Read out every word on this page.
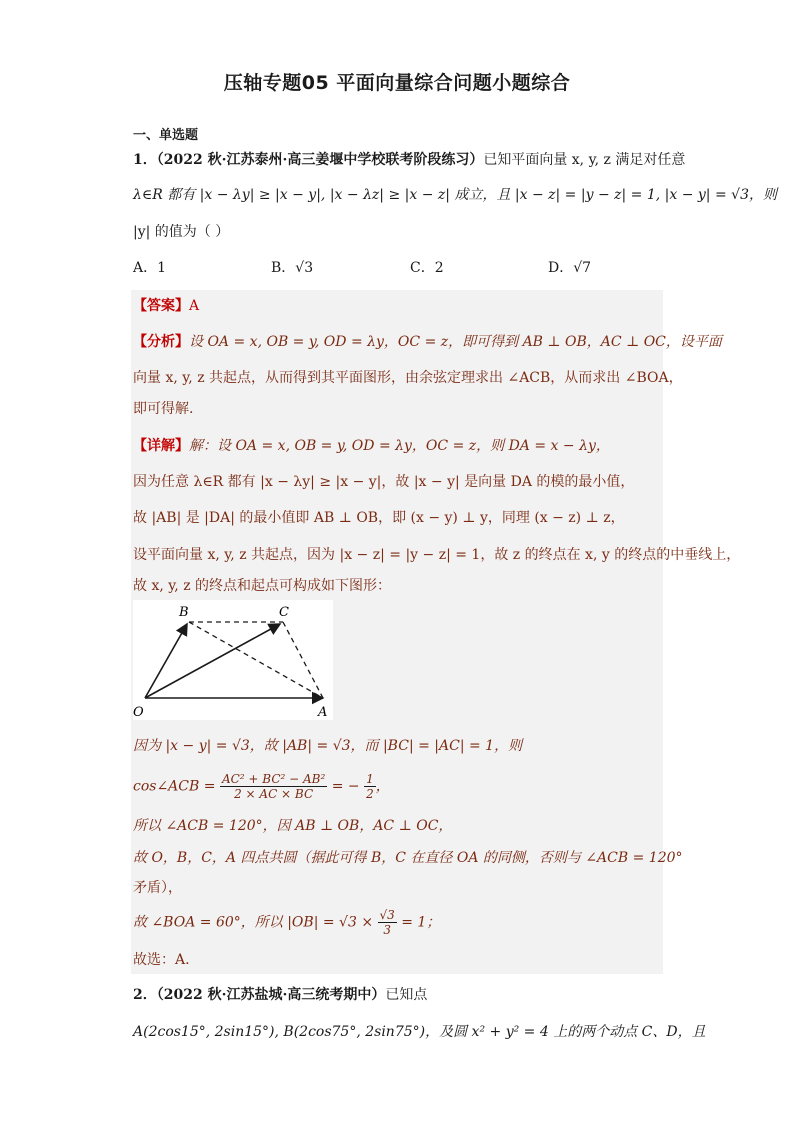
压轴专题05 平面向量综合问题小题综合
一、单选题
1．（2022 秋·江苏泰州·高三姜堰中学校联考阶段练习）已知平面向量 x, y, z 满足对任意
λ∈R 都有 |x − λy| ≥ |x − y|, |x − λz| ≥ |x − z| 成立，且 |x − z| = |y − z| = 1, |x − y| = √3，则
|y| 的值为（ ）
A．1	B．√3	C．2	D．√7
【答案】A
【分析】设 OA = x, OB = y, OD = λy，OC = z，即可得到 AB ⊥ OB，AC ⊥ OC，设平面
向量 x, y, z 共起点，从而得到其平面图形，由余弦定理求出 ∠ACB，从而求出 ∠BOA，
即可得解.
【详解】解：设 OA = x, OB = y, OD = λy，OC = z，则 DA = x − λy，
因为任意 λ∈R 都有 |x − λy| ≥ |x − y|，故 |x − y| 是向量 DA 的模的最小值，
故 |AB| 是 |DA| 的最小值即 AB ⊥ OB，即 (x − y) ⊥ y，同理 (x − z) ⊥ z，
设平面向量 x, y, z 共起点，因为 |x − z| = |y − z| = 1，故 z 的终点在 x, y 的终点的中垂线上，
故 x, y, z 的终点和起点可构成如下图形：
B	C
O	A
因为 |x − y| = √3，故 |AB| = √3，而 |BC| = |AC| = 1，则
cos∠ACB = $\frac{\text{AC² + BC² − AB²}}{2 \times AC \times BC}$ = − $\frac{1}{2}$ ，
所以 ∠ACB = 120°，因 AB ⊥ OB，AC ⊥ OC，
故 O，B，C，A 四点共圆（据此可得 B，C 在直径 OA 的同侧，否则与 ∠ACB = 120°
矛盾），
故 ∠BOA = 60°，所以 $|OB| = √3 \times \frac{√3}{3} = 1$；
故选：A.
2．（2022 秋·江苏盐城·高三统考期中）已知点
A(2cos15°, 2sin15°), B(2cos75°, 2sin75°)，及圆 x² + y² = 4 上的两个动点 C、D，且
